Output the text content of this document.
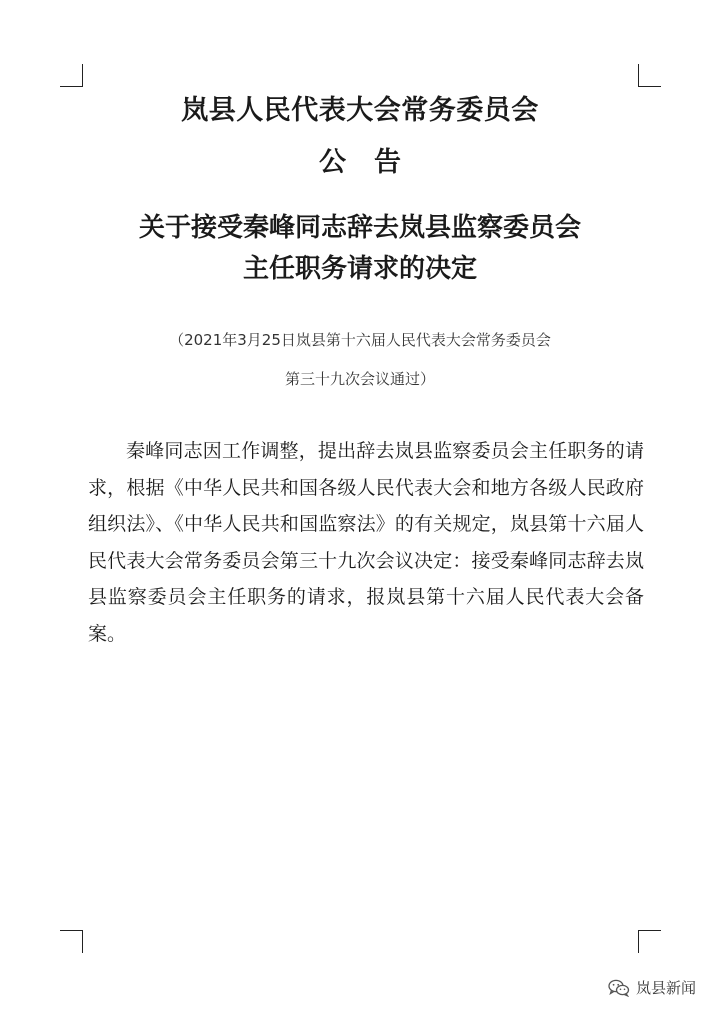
岚县人民代表大会常务委员会
公告
关于接受秦峰同志辞去岚县监察委员会
主任职务请求的决定
（2021年3月25日岚县第十六届人民代表大会常务委员会
第三十九次会议通过）

秦峰同志因工作调整，提出辞去岚县监察委员会主任职务的请求，根据《中华人民共和国各级人民代表大会和地方各级人民政府组织法》、《中华人民共和国监察法》的有关规定，岚县第十六届人民代表大会常务委员会第三十九次会议决定：接受秦峰同志辞去岚县监察委员会主任职务的请求，报岚县第十六届人民代表大会备案。

岚县新闻
